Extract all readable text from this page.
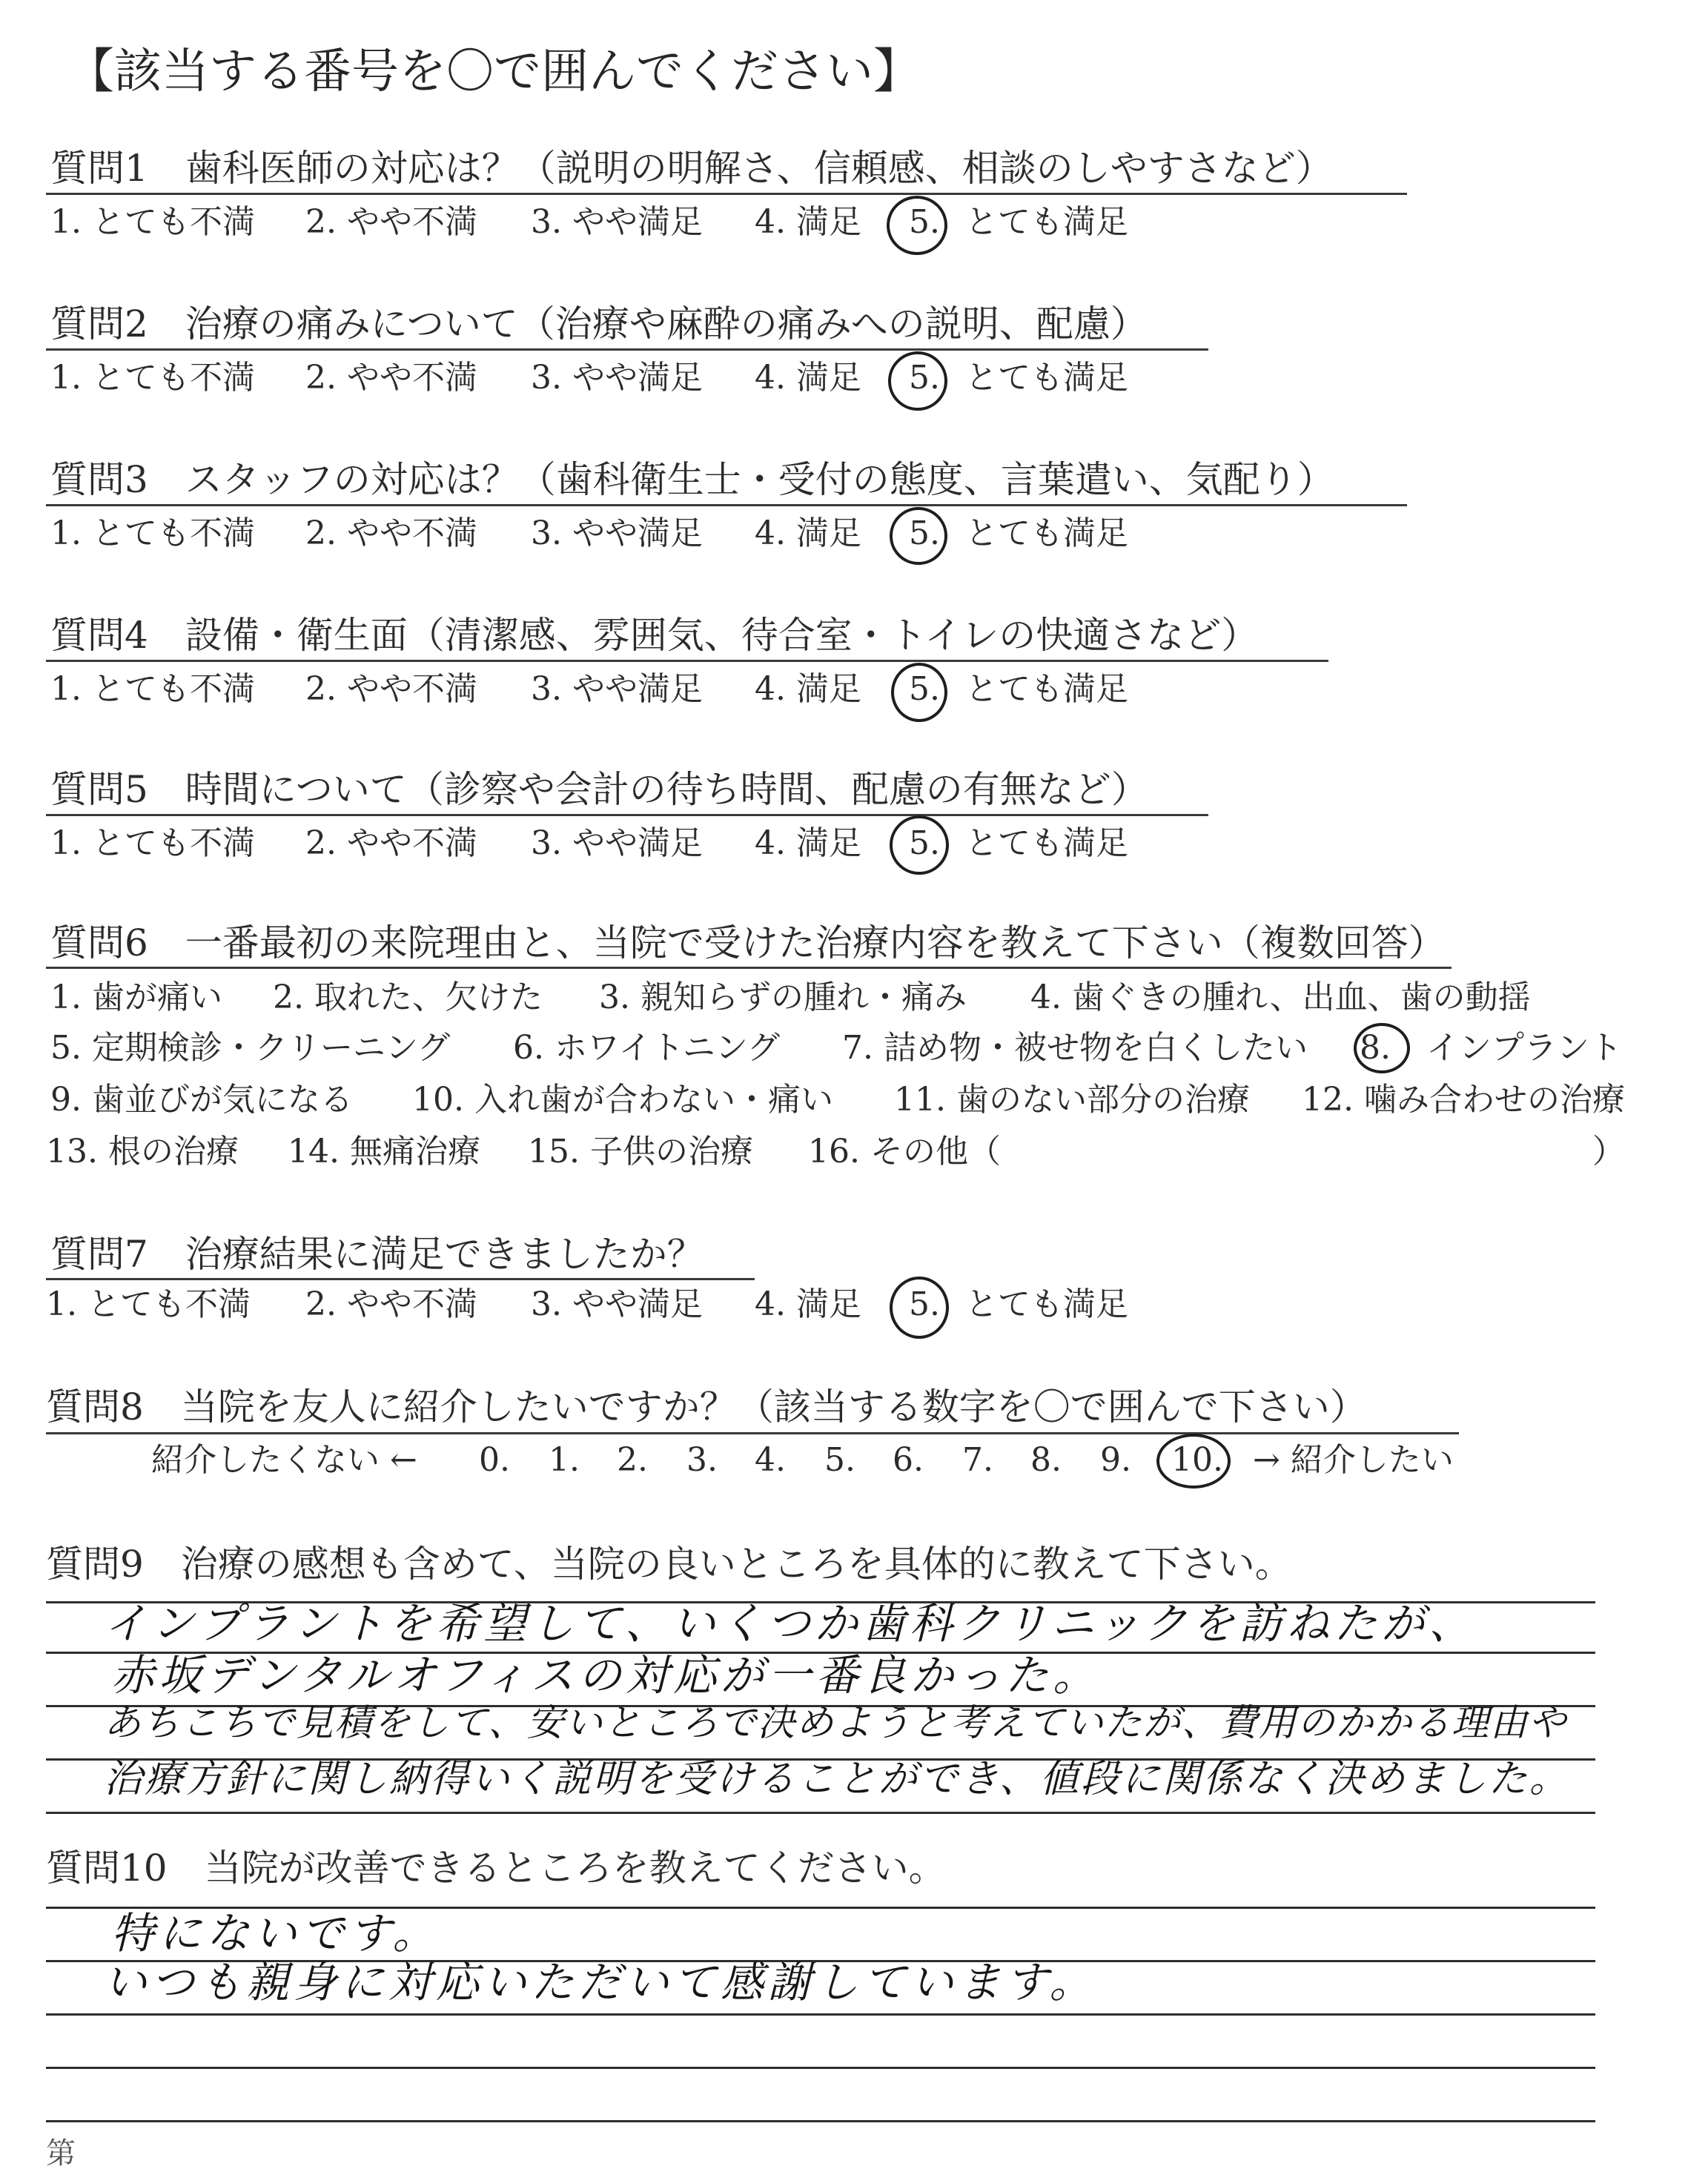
【該当する番号を〇で囲んでください】
質問1　歯科医師の対応は？（説明の明解さ、信頼感、相談のしやすさなど）
1. とても不満 2. やや不満 3. やや満足 4. 満足 5. とても満足
質問2　治療の痛みについて（治療や麻酔の痛みへの説明、配慮）
1. とても不満 2. やや不満 3. やや満足 4. 満足 5. とても満足
質問3　スタッフの対応は？（歯科衛生士・受付の態度、言葉遣い、気配り）
1. とても不満 2. やや不満 3. やや満足 4. 満足 5. とても満足
質問4　設備・衛生面（清潔感、雰囲気、待合室・トイレの快適さなど）
1. とても不満 2. やや不満 3. やや満足 4. 満足 5. とても満足
質問5　時間について（診察や会計の待ち時間、配慮の有無など）
1. とても不満 2. やや不満 3. やや満足 4. 満足 5. とても満足
質問6　一番最初の来院理由と、当院で受けた治療内容を教えて下さい（複数回答）
1. 歯が痛い 2. 取れた、欠けた 3. 親知らずの腫れ・痛み 4. 歯ぐきの腫れ、出血、歯の動揺
5. 定期検診・クリーニング 6. ホワイトニング 7. 詰め物・被せ物を白くしたい 8. インプラント
9. 歯並びが気になる 10. 入れ歯が合わない・痛い 11. 歯のない部分の治療 12. 噛み合わせの治療
13. 根の治療 14. 無痛治療 15. 子供の治療 16. その他（	）
質問7　治療結果に満足できましたか？
1. とても不満 2. やや不満 3. やや満足 4. 満足 5. とても満足
質問8　当院を友人に紹介したいですか？（該当する数字を〇で囲んで下さい）
紹介したくない ← 0. 1. 2. 3. 4. 5. 6. 7. 8. 9. 10. → 紹介したい
質問9　治療の感想も含めて、当院の良いところを具体的に教えて下さい。
インプラントを希望して、いくつか歯科クリニックを訪ねたが、
赤坂デンタルオフィスの対応が一番良かった。
あちこちで見積をして、安いところで決めようと考えていたが、費用のかかる理由や
治療方針に関し納得いく説明を受けることができ、値段に関係なく決めました。
質問10　当院が改善できるところを教えてください。
特にないです。
いつも親身に対応いただいて感謝しています。
第
